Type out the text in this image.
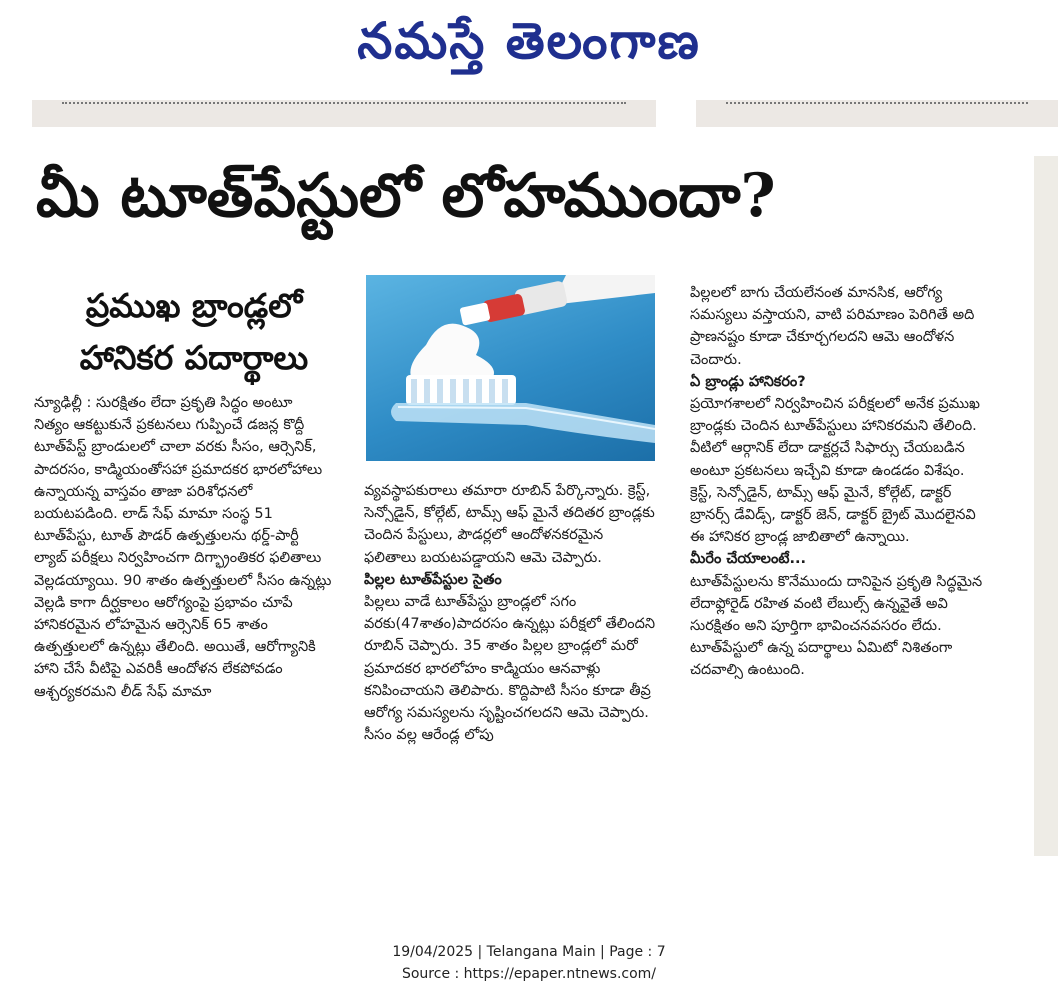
నమస్తే తెలంగాణ
మీ టూత్‌పేస్టులో లోహముందా?
ప్రముఖ బ్రాండ్లలో హానికర పదార్థాలు

న్యూఢిల్లీ : సురక్షితం లేదా ప్రకృతి సిద్ధం అంటూ నిత్యం ఆకట్టుకునే ప్రకటనలు గుప్పించే డజన్ల కొద్దీ టూత్‌పేస్ట్ బ్రాండులలో చాలా వరకు సీసం, ఆర్సెనిక్, పాదరసం, కాడ్మియంతోసహా ప్రమాదకర భారలోహాలు ఉన్నాయన్న వాస్తవం తాజా పరిశోధనలో బయటపడింది. లాడ్ సేఫ్ మామా సంస్థ 51 టూత్‌పేస్టు, టూత్ పౌడర్ ఉత్పత్తులను థర్డ్-పార్టీ ల్యాబ్ పరీక్షలు నిర్వహించగా దిగ్భ్రాంతికర ఫలితాలు వెల్లడయ్యాయి. 90 శాతం ఉత్పత్తులలో సీసం ఉన్నట్లు వెల్లడి కాగా దీర్ఘకాలం ఆరోగ్యంపై ప్రభావం చూపే హానికరమైన లోహమైన ఆర్సెనిక్ 65 శాతం ఉత్పత్తులలో ఉన్నట్లు తేలింది. అయితే, ఆరోగ్యానికి హాని చేసే వీటిపై ఎవరికీ ఆందోళన లేకపోవడం ఆశ్చర్యకరమని లీడ్ సేఫ్ మామా

వ్యవస్థాపకురాలు తమారా రూబిన్ పేర్కొన్నారు. క్రెస్ట్, సెన్సోడైన్, కోల్గేట్, టామ్స్ ఆఫ్ మైనే తదితర బ్రాండ్లకు చెందిన పేస్టులు, పౌడర్లలో ఆందోళనకరమైన ఫలితాలు బయటపడ్డాయని ఆమె చెప్పారు.

పిల్లల టూత్‌పేస్టుల సైతం

పిల్లలు వాడే టూత్‌పేస్టు బ్రాండ్లలో సగం వరకు(47శాతం)పాదరసం ఉన్నట్లు పరీక్షలో తేలిందని రూబిన్ చెప్పారు. 35 శాతం పిల్లల బ్రాండ్లలో మరో ప్రమాదకర భారలోహం కాడ్మియం ఆనవాళ్లు కనిపించాయని తెలిపారు. కొద్దిపాటి సీసం కూడా తీవ్ర ఆరోగ్య సమస్యలను సృష్టించగలదని ఆమె చెప్పారు. సీసం వల్ల ఆరేండ్ల లోపు

పిల్లలలో బాగు చేయలేనంత మానసిక, ఆరోగ్య సమస్యలు వస్తాయని, వాటి పరిమాణం పెరిగితే అది ప్రాణనష్టం కూడా చేకూర్చగలదని ఆమె ఆందోళన చెందారు.

ఏ బ్రాండ్లు హానికరం?

ప్రయోగశాలలో నిర్వహించిన పరీక్షలలో అనేక ప్రముఖ బ్రాండ్లకు చెందిన టూత్‌పేస్టులు హానికరమని తేలింది. వీటిలో ఆర్గానిక్ లేదా డాక్టర్లచే సిఫార్సు చేయబడిన అంటూ ప్రకటనలు ఇచ్చేవి కూడా ఉండడం విశేషం. క్రెస్ట్, సెన్సోడైన్, టామ్స్ ఆఫ్ మైనే, కోల్గేట్, డాక్టర్ బ్రానర్స్ డేవిడ్స్, డాక్టర్ జెన్, డాక్టర్ బ్రైట్ మొదలైనవి ఈ హానికర బ్రాండ్ల జాబితాలో ఉన్నాయి.

మీరేం చేయాలంటే...

టూత్‌పేస్టులను కొనేముందు దానిపైన ప్రకృతి సిద్ధమైన లేదాఫ్లోరైడ్ రహిత వంటి లేబుల్స్ ఉన్నవైతే అవి సురక్షితం అని పూర్తిగా భావించనవసరం లేదు. టూత్‌పేస్టులో ఉన్న పదార్థాలు ఏమిటో నిశితంగా చదవాల్సి ఉంటుంది.

19/04/2025 | Telangana Main | Page : 7
Source : https://epaper.ntnews.com/
